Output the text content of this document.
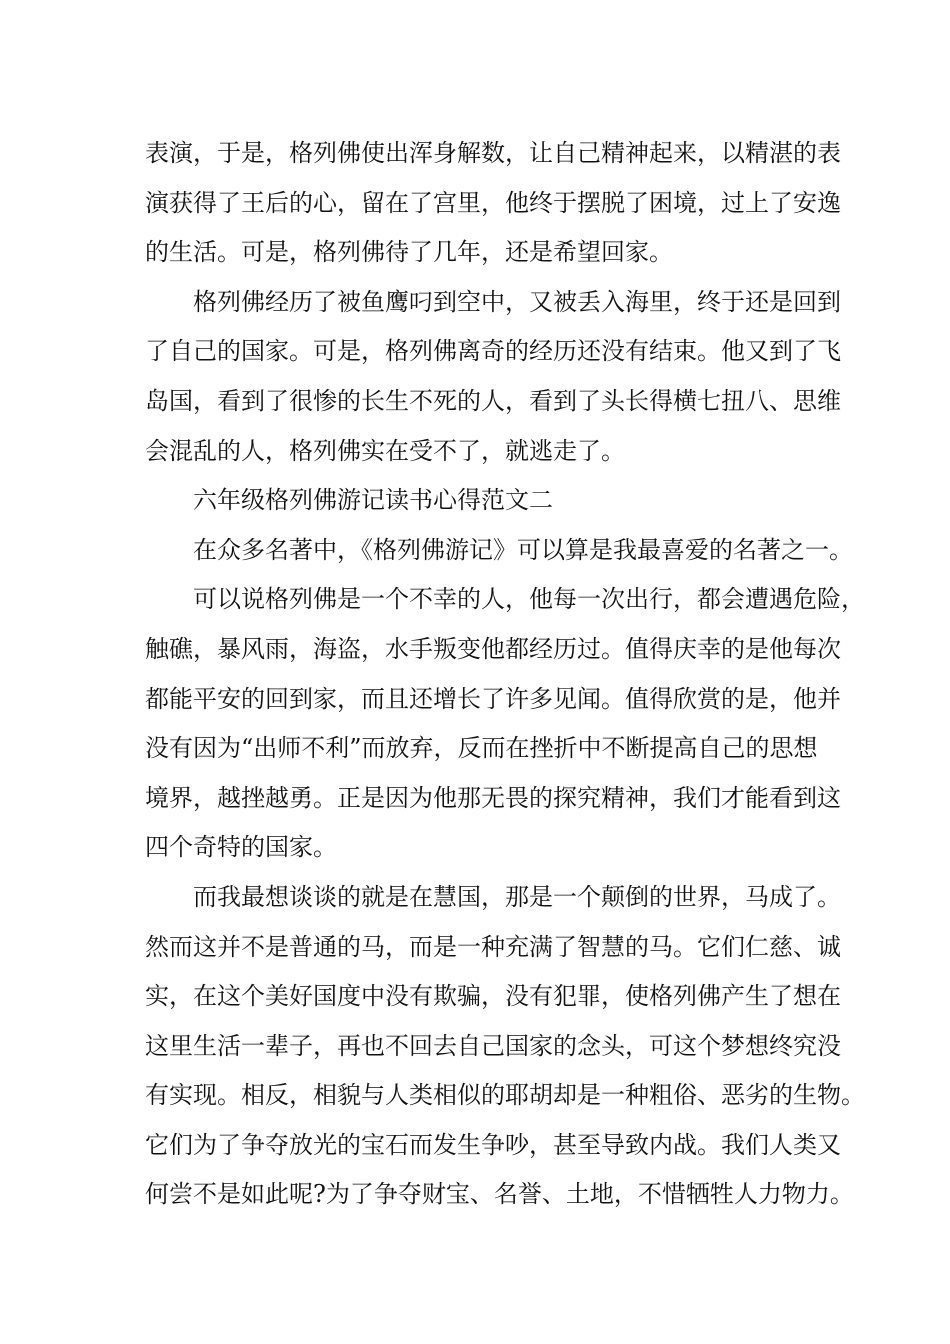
表演，于是，格列佛使出浑身解数，让自己精神起来，以精湛的表
演获得了王后的心，留在了宫里，他终于摆脱了困境，过上了安逸
的生活。可是，格列佛待了几年，还是希望回家。
格列佛经历了被鱼鹰叼到空中，又被丢入海里，终于还是回到
了自己的国家。可是，格列佛离奇的经历还没有结束。他又到了飞
岛国，看到了很惨的长生不死的人，看到了头长得横七扭八、思维
会混乱的人，格列佛实在受不了，就逃走了。
六年级格列佛游记读书心得范文二
在众多名著中，《格列佛游记》可以算是我最喜爱的名著之一。
可以说格列佛是一个不幸的人，他每一次出行，都会遭遇危险，
触礁，暴风雨，海盗，水手叛变他都经历过。值得庆幸的是他每次
都能平安的回到家，而且还增长了许多见闻。值得欣赏的是，他并
没有因为“出师不利”而放弃，反而在挫折中不断提高自己的思想
境界，越挫越勇。正是因为他那无畏的探究精神，我们才能看到这
四个奇特的国家。
而我最想谈谈的就是在慧国，那是一个颠倒的世界，马成了。
然而这并不是普通的马，而是一种充满了智慧的马。它们仁慈、诚
实，在这个美好国度中没有欺骗，没有犯罪，使格列佛产生了想在
这里生活一辈子，再也不回去自己国家的念头，可这个梦想终究没
有实现。相反，相貌与人类相似的耶胡却是一种粗俗、恶劣的生物。
它们为了争夺放光的宝石而发生争吵，甚至导致内战。我们人类又
何尝不是如此呢?为了争夺财宝、名誉、土地，不惜牺牲人力物力。
